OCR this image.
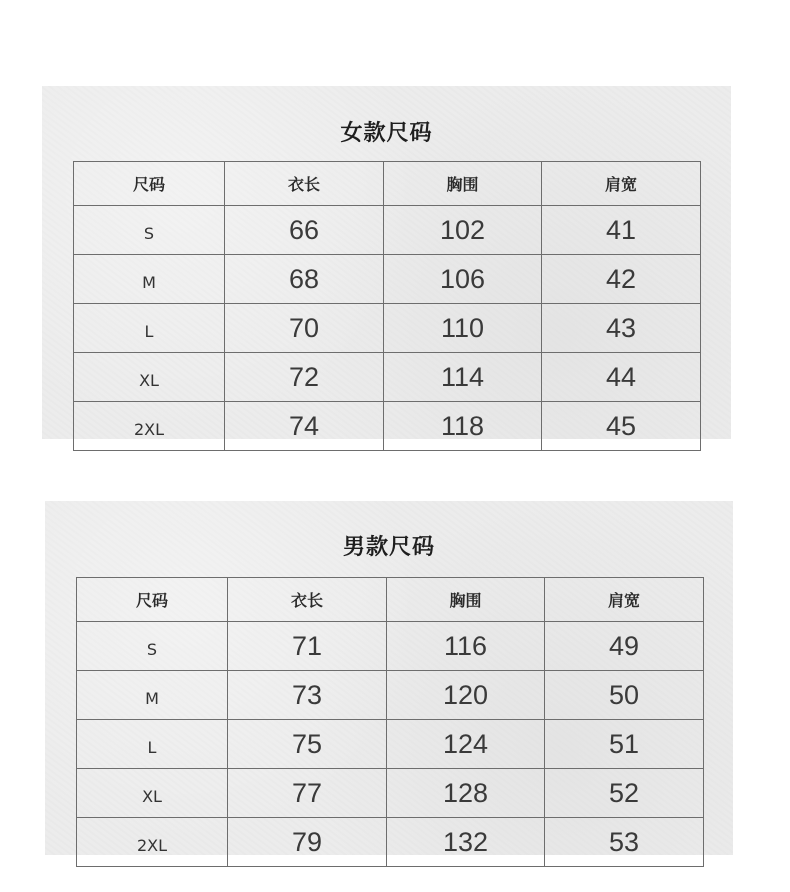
女款尺码
尺码	衣长	胸围	肩宽
S	66	102	41
M	68	106	42
L	70	110	43
XL	72	114	44
2XL	74	118	45
男款尺码
尺码	衣长	胸围	肩宽
S	71	116	49
M	73	120	50
L	75	124	51
XL	77	128	52
2XL	79	132	53
